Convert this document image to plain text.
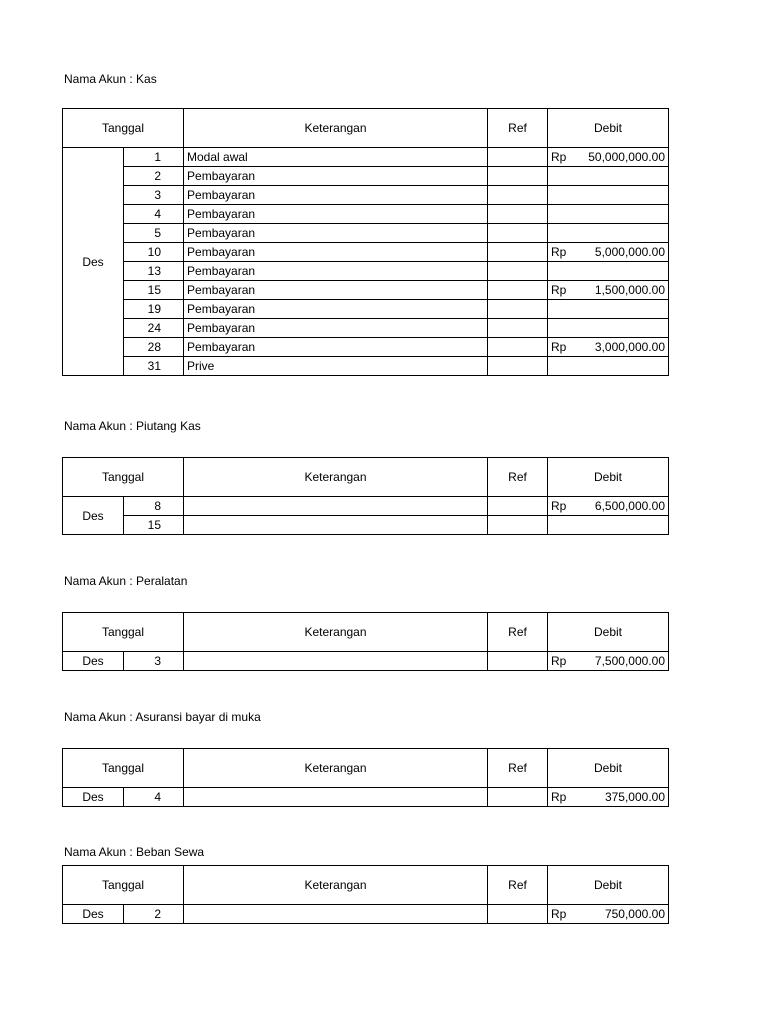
Nama Akun : Kas
Tanggal		Keterangan	Ref	Debit
Des	1	Modal awal		Rp 50,000,000.00

	2	Pembayaran		

	3	Pembayaran		

	4	Pembayaran		

	5	Pembayaran		

	10	Pembayaran		Rp 5,000,000.00

	13	Pembayaran		

	15	Pembayaran		Rp 1,500,000.00

	19	Pembayaran		

	24	Pembayaran		

	28	Pembayaran		Rp 3,000,000.00

	31	Prive		
Nama Akun : Piutang Kas
Tanggal		Keterangan	Ref	Debit
Des	8			Rp 6,500,000.00

	15			
Nama Akun : Peralatan
Tanggal		Keterangan	Ref	Debit
Des	3			Rp 7,500,000.00
Nama Akun : Asuransi bayar di muka
Tanggal		Keterangan	Ref	Debit
Des	4			Rp 375,000.00
Nama Akun : Beban Sewa
Tanggal		Keterangan	Ref	Debit
Des	2			Rp 750,000.00
